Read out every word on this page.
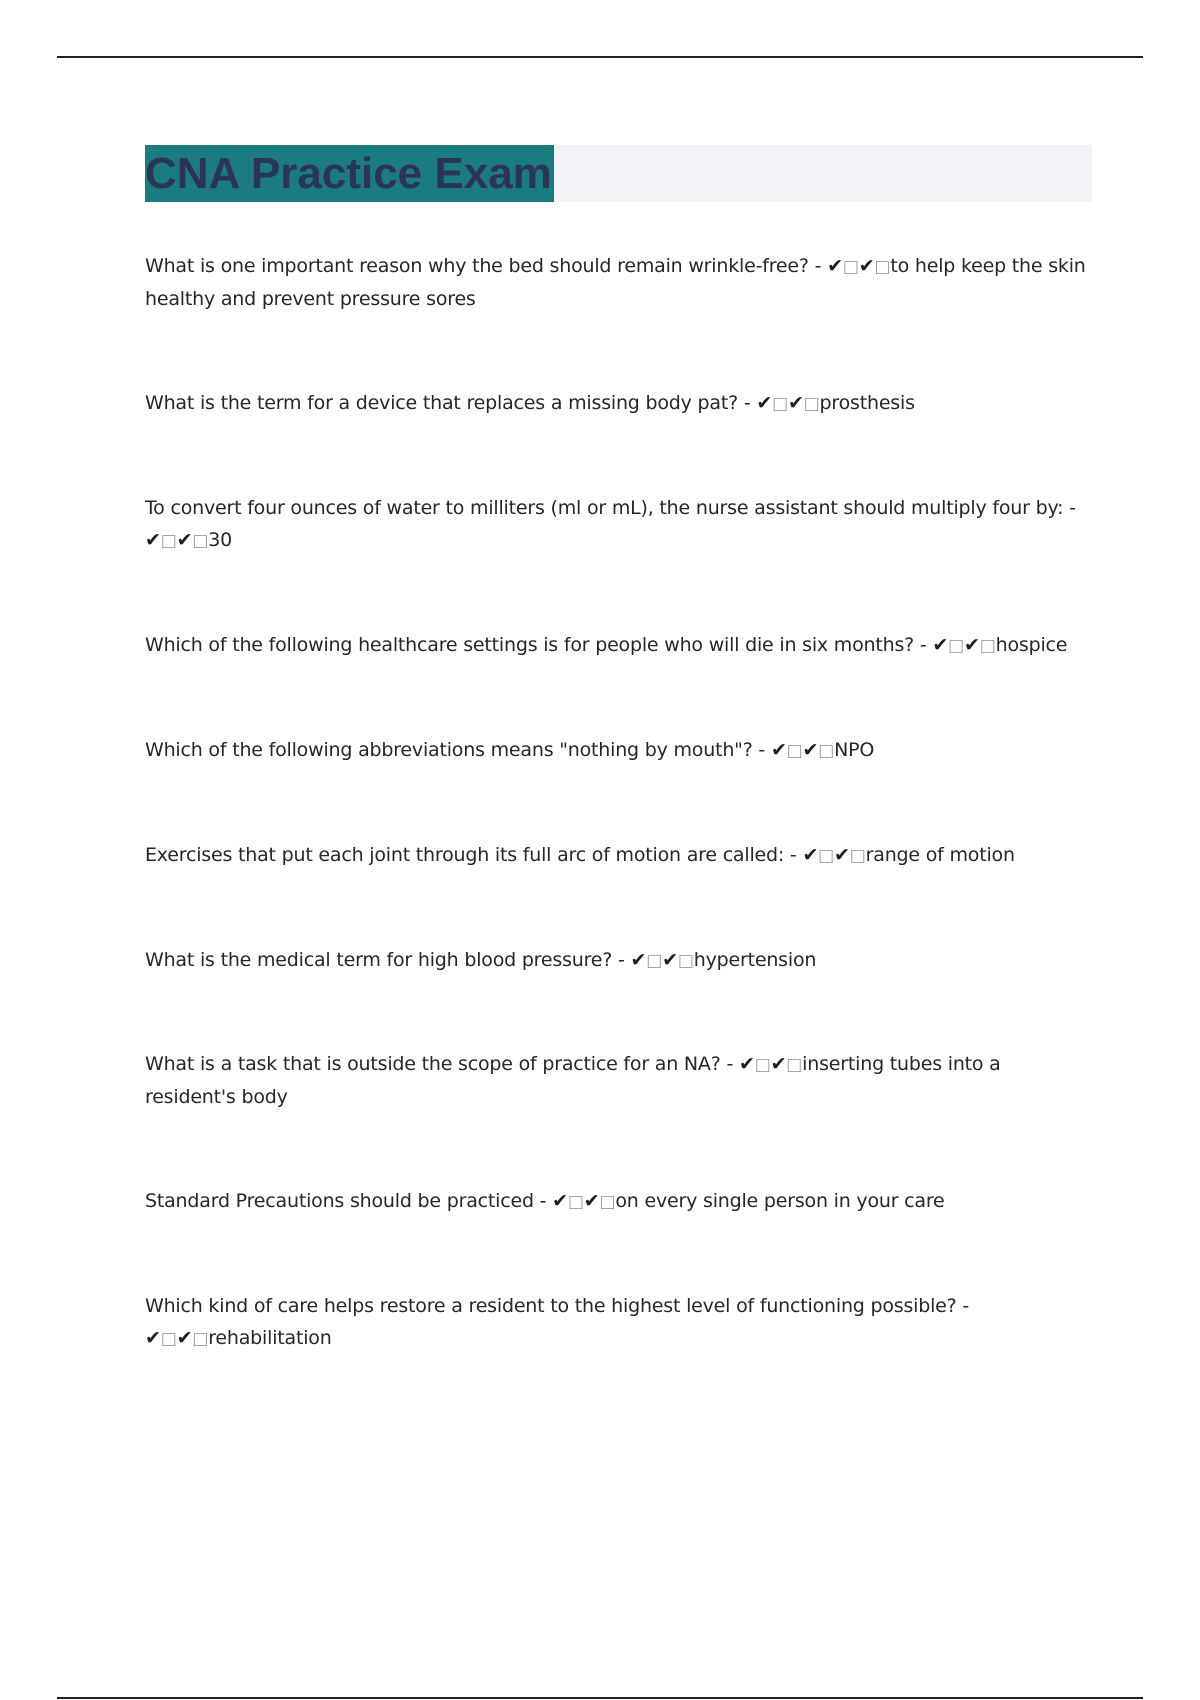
CNA Practice Exam
What is one important reason why the bed should remain wrinkle-free? - ✔□✔□to help keep the skin healthy and prevent pressure sores
What is the term for a device that replaces a missing body pat? - ✔□✔□prosthesis
To convert four ounces of water to milliters (ml or mL), the nurse assistant should multiply four by: - ✔□✔□30
Which of the following healthcare settings is for people who will die in six months? - ✔□✔□hospice
Which of the following abbreviations means "nothing by mouth"? - ✔□✔□NPO
Exercises that put each joint through its full arc of motion are called: - ✔□✔□range of motion
What is the medical term for high blood pressure? - ✔□✔□hypertension
What is a task that is outside the scope of practice for an NA? - ✔□✔□inserting tubes into a resident's body
Standard Precautions should be practiced - ✔□✔□on every single person in your care
Which kind of care helps restore a resident to the highest level of functioning possible? - ✔□✔□rehabilitation
